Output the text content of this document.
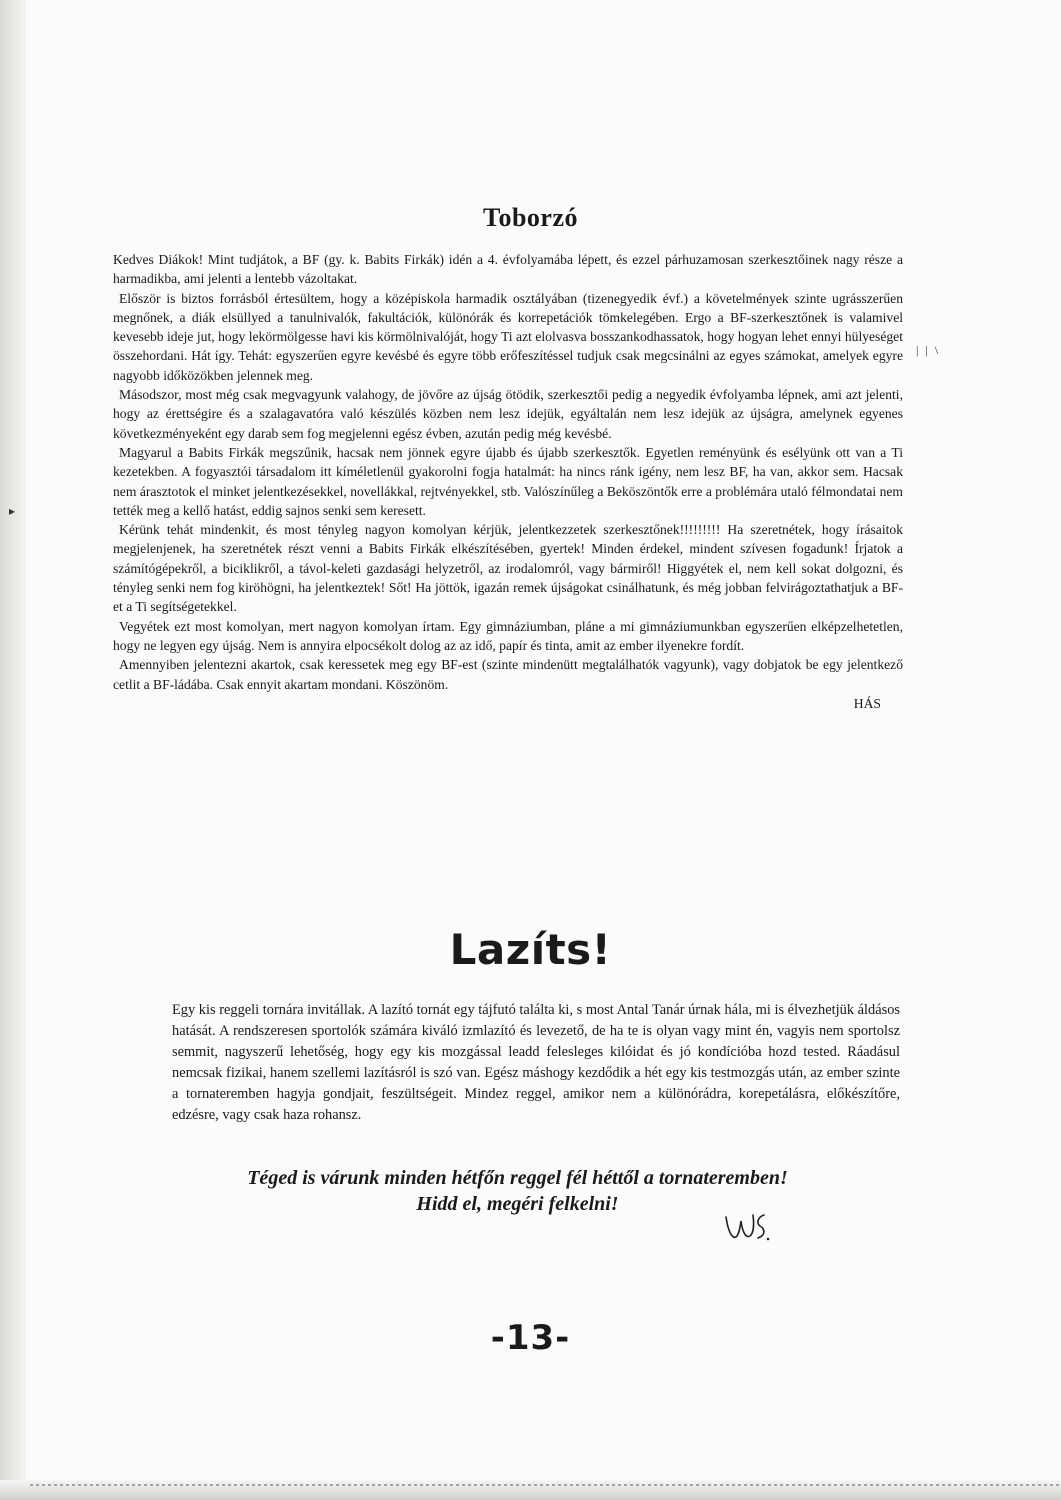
Toborzó

Kedves Diákok! Mint tudjátok, a BF (gy. k. Babits Firkák) idén a 4. évfolyamába lépett, és ezzel párhuzamosan szerkesztőinek nagy része a harmadikba, ami jelenti a lentebb vázoltakat.

Először is biztos forrásból értesültem, hogy a középiskola harmadik osztályában (tizenegyedik évf.) a követelmények szinte ugrásszerűen megnőnek, a diák elsüllyed a tanulnivalók, fakultációk, különórák és korrepetációk tömkelegében. Ergo a BF-szerkesztőnek is valamivel kevesebb ideje jut, hogy lekörmölgesse havi kis körmölnivalóját, hogy Ti azt elolvasva bosszankodhassatok, hogy hogyan lehet ennyi hülyeséget összehordani. Hát így. Tehát: egyszerűen egyre kevésbé és egyre több erőfeszítéssel tudjuk csak megcsinálni az egyes számokat, amelyek egyre nagyobb időközökben jelennek meg.

Másodszor, most még csak megvagyunk valahogy, de jövőre az újság ötödik, szerkesztői pedig a negyedik évfolyamba lépnek, ami azt jelenti, hogy az érettségire és a szalagavatóra való készülés közben nem lesz idejük, egyáltalán nem lesz idejük az újságra, amelynek egyenes következményeként egy darab sem fog megjelenni egész évben, azután pedig még kevésbé.

Magyarul a Babits Firkák megszűnik, hacsak nem jönnek egyre újabb és újabb szerkesztők. Egyetlen reményünk és esélyünk ott van a Ti kezetekben. A fogyasztói társadalom itt kíméletlenül gyakorolni fogja hatalmát: ha nincs ránk igény, nem lesz BF, ha van, akkor sem. Hacsak nem árasztotok el minket jelentkezésekkel, novellákkal, rejtvényekkel, stb. Valószínűleg a Beköszöntők erre a problémára utaló félmondatai nem tették meg a kellő hatást, eddig sajnos senki sem keresett.

Kérünk tehát mindenkit, és most tényleg nagyon komolyan kérjük, jelentkezzetek szerkesztőnek!!!!!!!!! Ha szeretnétek, hogy írásaitok megjelenjenek, ha szeretnétek részt venni a Babits Firkák elkészítésében, gyertek! Minden érdekel, mindent szívesen fogadunk! Írjatok a számítógépekről, a biciklikről, a távol-keleti gazdasági helyzetről, az irodalomról, vagy bármiről! Higgyétek el, nem kell sokat dolgozni, és tényleg senki nem fog kiröhögni, ha jelentkeztek! Sőt! Ha jöttök, igazán remek újságokat csinálhatunk, és még jobban felvirágoztathatjuk a BF-et a Ti segítségetekkel.

Vegyétek ezt most komolyan, mert nagyon komolyan írtam. Egy gimnáziumban, pláne a mi gimnáziumunkban egyszerűen elképzelhetetlen, hogy ne legyen egy újság. Nem is annyira elpocsékolt dolog az az idő, papír és tinta, amit az ember ilyenekre fordít.

Amennyiben jelentezni akartok, csak keressetek meg egy BF-est (szinte mindenütt megtalálhatók vagyunk), vagy dobjatok be egy jelentkező cetlit a BF-ládába. Csak ennyit akartam mondani. Köszönöm.

HÁS
| | \
▸
Lazíts!

Egy kis reggeli tornára invitállak. A lazító tornát egy tájfutó találta ki, s most Antal Tanár úrnak hála, mi is élvezhetjük áldásos hatását. A rendszeresen sportolók számára kiváló izmlazító és levezető, de ha te is olyan vagy mint én, vagyis nem sportolsz semmit, nagyszerű lehetőség, hogy egy kis mozgással leadd felesleges kilóidat és jó kondícióba hozd tested. Ráadásul nemcsak fizikai, hanem szellemi lazításról is szó van. Egész máshogy kezdődik a hét egy kis testmozgás után, az ember szinte a tornateremben hagyja gondjait, feszültségeit. Mindez reggel, amikor nem a különórádra, korepetálásra, előkészítőre, edzésre, vagy csak haza rohansz.

Téged is várunk minden hétfőn reggel fél héttől a tornateremben!
Hidd el, megéri felkelni!
-13-
